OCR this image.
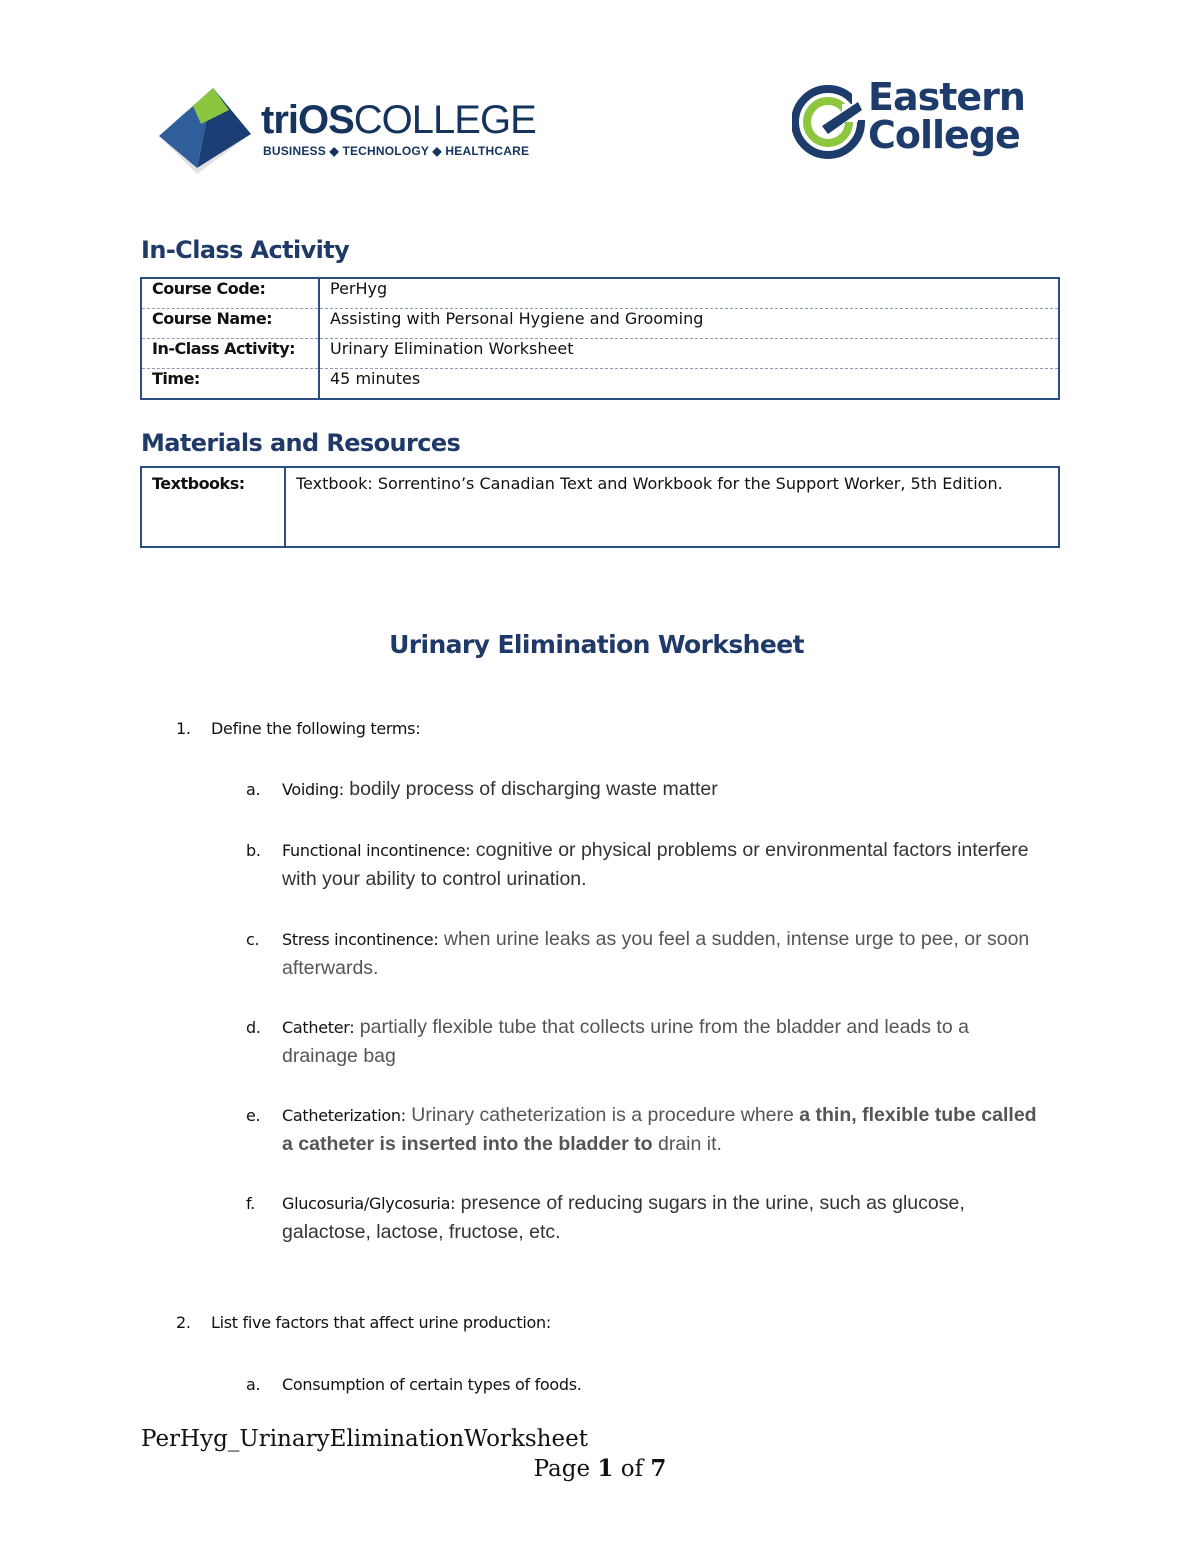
triOSCOLLEGE
BUSINESS ◆ TECHNOLOGY ◆ HEALTHCARE
Eastern
College
In-Class Activity
Course Code:	PerHyg
Course Name:	Assisting with Personal Hygiene and Grooming
In-Class Activity:	Urinary Elimination Worksheet
Time:	45 minutes
Materials and Resources
Textbooks:	Textbook: Sorrentino’s Canadian Text and Workbook for the Support Worker, 5th Edition.
Urinary Elimination Worksheet
1. Define the following terms:
a. Voiding: bodily process of discharging waste matter
b. Functional incontinence: cognitive or physical problems or environmental factors interfere with your ability to control urination.
c. Stress incontinence: when urine leaks as you feel a sudden, intense urge to pee, or soon afterwards.
d. Catheter: partially flexible tube that collects urine from the bladder and leads to a drainage bag
e. Catheterization: Urinary catheterization is a procedure where a thin, flexible tube called a catheter is inserted into the bladder to drain it.
f. Glucosuria/Glycosuria: presence of reducing sugars in the urine, such as glucose, galactose, lactose, fructose, etc.
2. List five factors that affect urine production:
a. Consumption of certain types of foods.
PerHyg_UrinaryEliminationWorksheet
Page 1 of 7
